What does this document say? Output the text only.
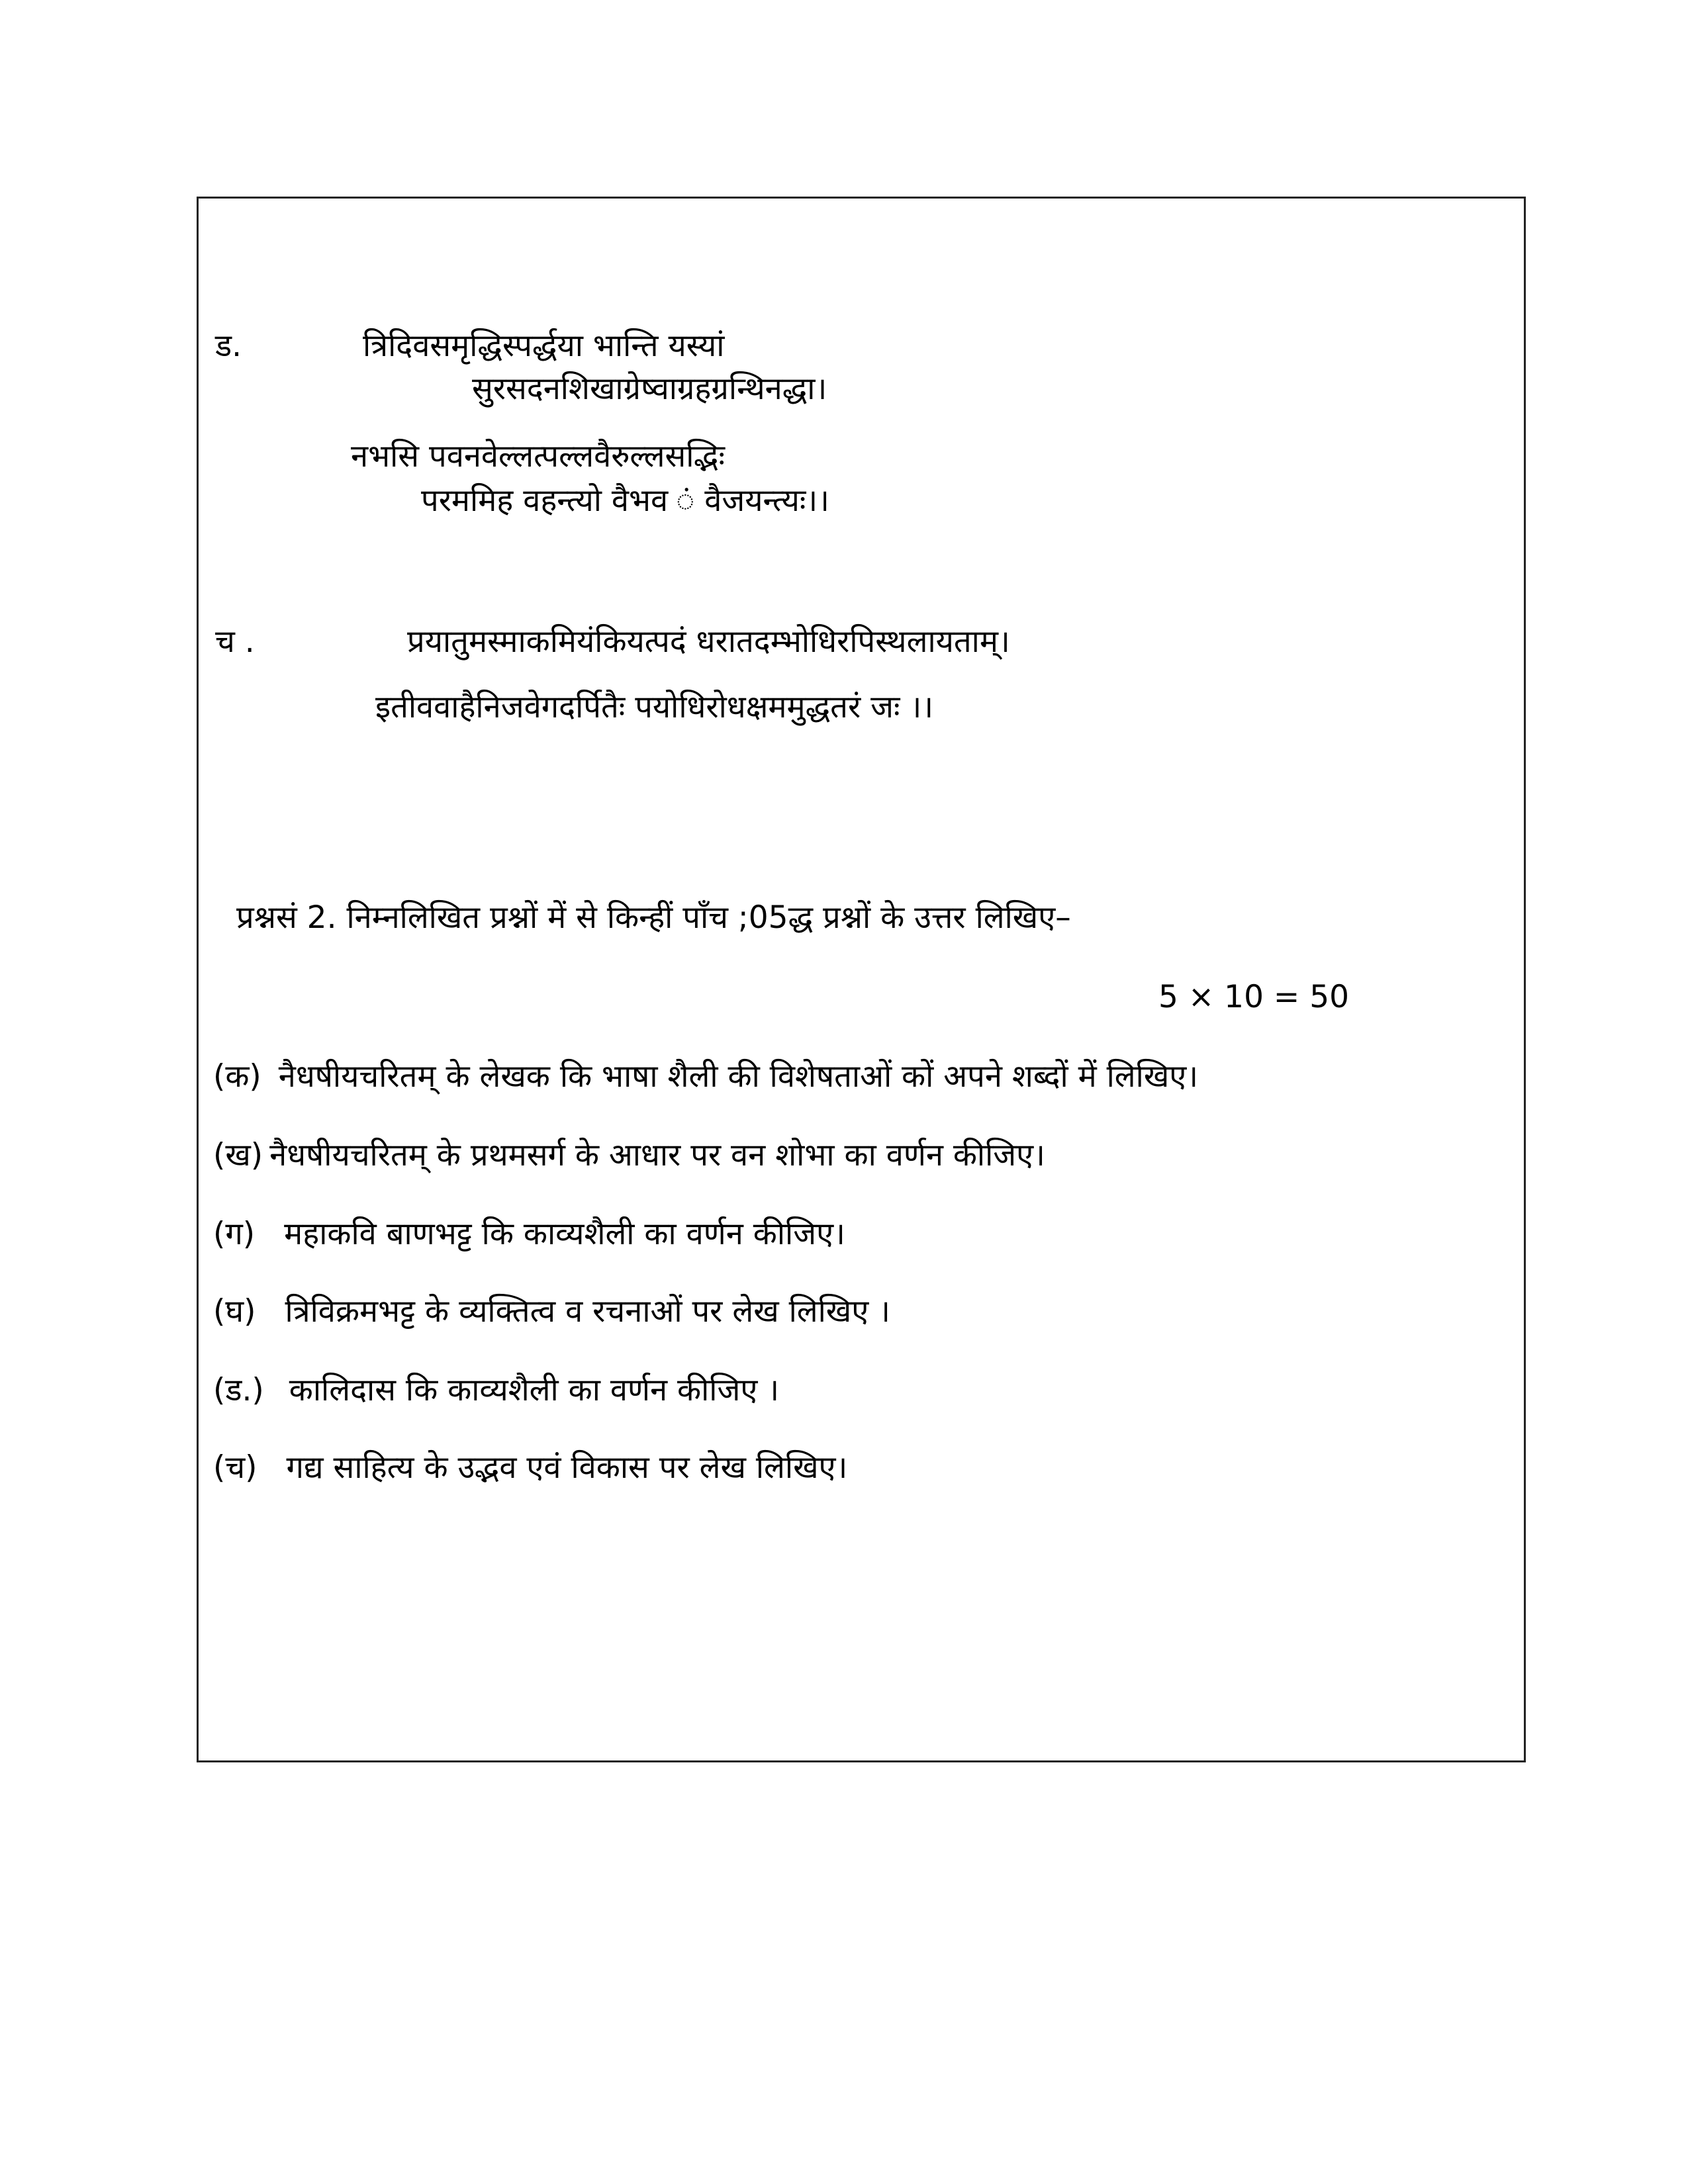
ड.	त्रिदिवसमृद्धिस्पर्द्धया भान्ति यस्यां
सुरसदनशिखाग्रेष्वाग्रहग्रन्थिनद्धा।
नभसि पवनवेल्लत्पल्लवैरुल्लसद्भिः
परममिह वहन्त्यो वैभव ं वैजयन्त्यः।।
च .	प्रयातुमस्माकमियंकियत्पदं धरातदम्भोधिरपिस्थलायताम्।
इतीववाहैनिजवेगदर्पितैः पयोधिरोधक्षममुद्धतरं जः ।।
प्रश्नसं 2. निम्नलिखित प्रश्नों में से किन्हीं पाँच ;05द्ध प्रश्नों के उत्तर लिखिए–
5 × 10 = 50
(क) नैधषीयचरितम् के लेखक कि भाषा शैली की विशेषताओं कों अपने शब्दों में लिखिए।
(ख) नैधषीयचरितम् के प्रथमसर्ग के आधार पर वन शोभा का वर्णन कीजिए।
(ग) महाकवि बाणभट्ट कि काव्यशैली का वर्णन कीजिए।
(घ) त्रिविक्रमभट्ट के व्यक्तित्व व रचनाओं पर लेख लिखिए ।
(ड.) कालिदास कि काव्यशैली का वर्णन कीजिए ।
(च) गद्य साहित्य के उद्भव एवं विकास पर लेख लिखिए।
